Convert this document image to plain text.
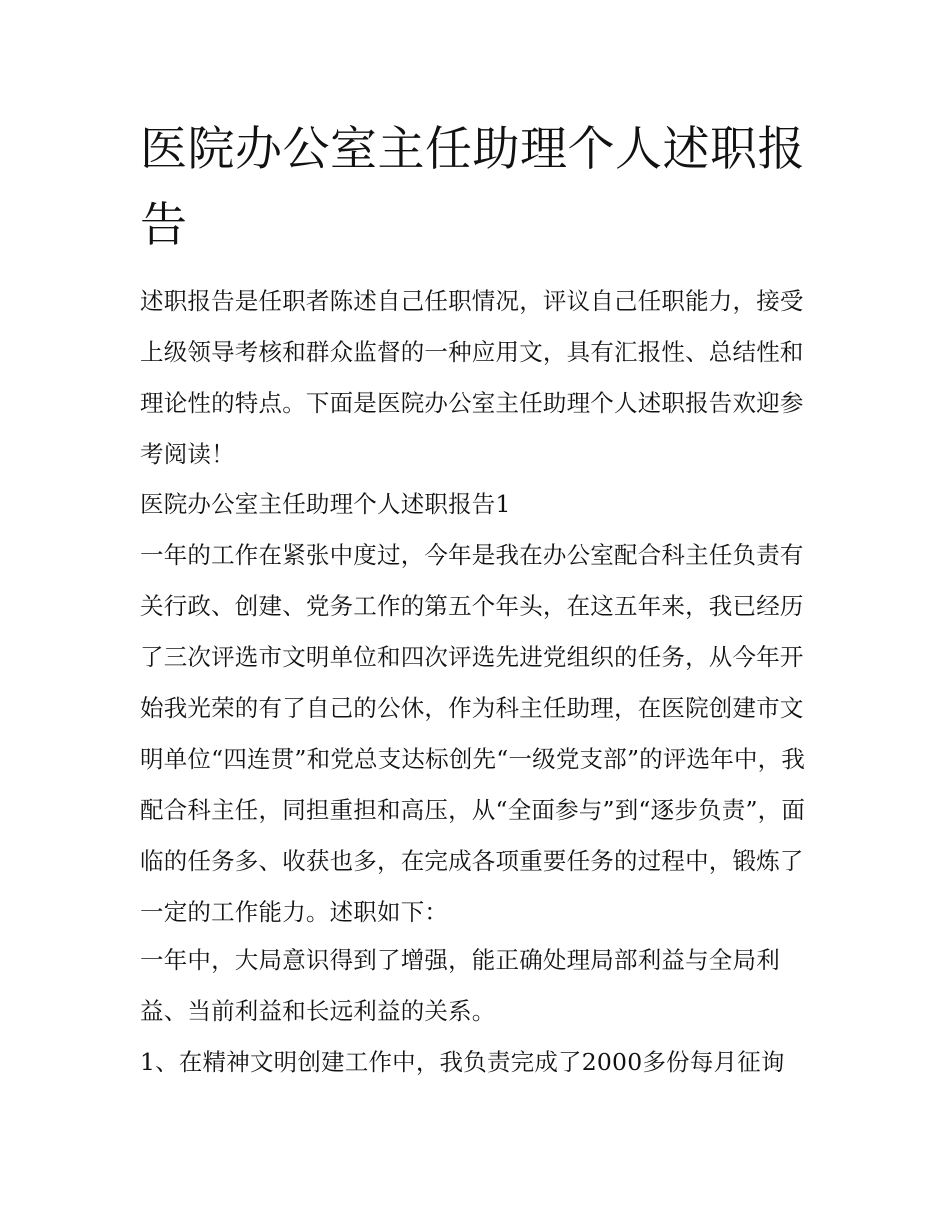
医院办公室主任助理个人述职报告

述职报告是任职者陈述自己任职情况，评议自己任职能力，接受上级领导考核和群众监督的一种应用文，具有汇报性、总结性和理论性的特点。下面是医院办公室主任助理个人述职报告欢迎参考阅读！

医院办公室主任助理个人述职报告1

一年的工作在紧张中度过，今年是我在办公室配合科主任负责有关行政、创建、党务工作的第五个年头，在这五年来，我已经历了三次评选市文明单位和四次评选先进党组织的任务，从今年开始我光荣的有了自己的公休，作为科主任助理，在医院创建市文明单位“四连贯”和党总支达标创先“一级党支部”的评选年中，我配合科主任，同担重担和高压，从“全面参与”到“逐步负责”，面临的任务多、收获也多，在完成各项重要任务的过程中，锻炼了一定的工作能力。述职如下：

一年中，大局意识得到了增强，能正确处理局部利益与全局利益、当前利益和长远利益的关系。

1、在精神文明创建工作中，我负责完成了2000多份每月征询
